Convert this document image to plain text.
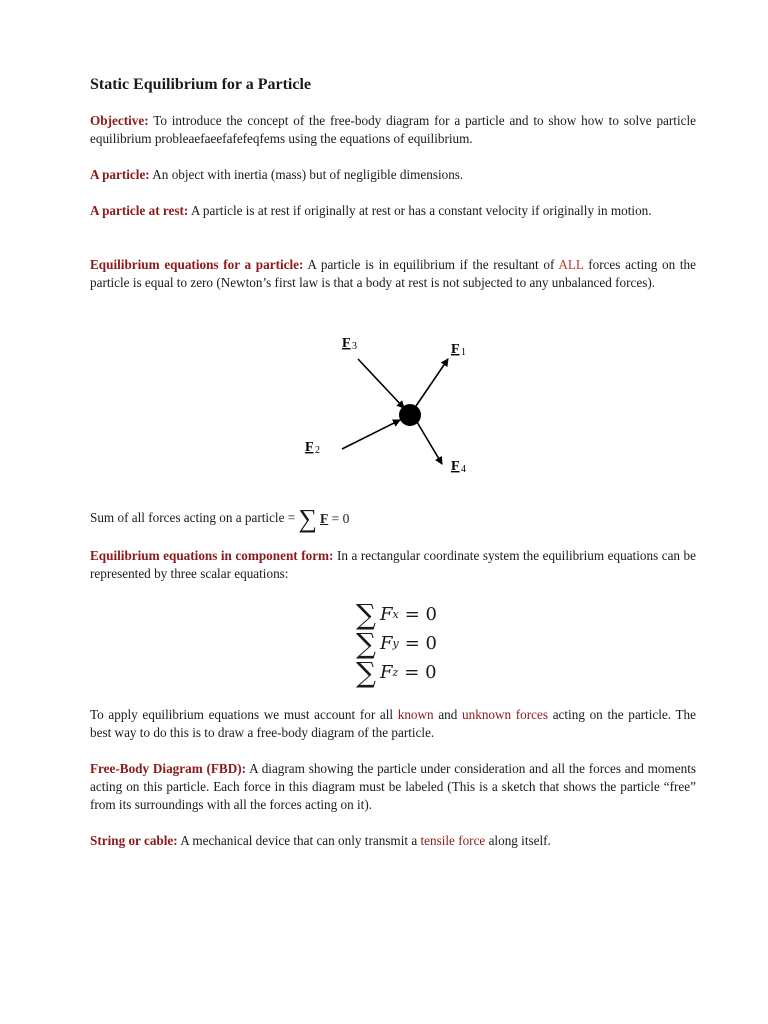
Static Equilibrium for a Particle
Objective: To introduce the concept of the free-body diagram for a particle and to show how to solve particle equilibrium probleaefaeefafefeqfems using the equations of equilibrium.
A particle: An object with inertia (mass) but of negligible dimensions.
A particle at rest: A particle is at rest if originally at rest or has a constant velocity if originally in motion.
Equilibrium equations for a particle: A particle is in equilibrium if the resultant of ALL forces acting on the particle is equal to zero (Newton’s first law is that a body at rest is not subjected to any unbalanced forces).
F 3	F 1
F 2
F 4
Sum of all forces acting on a particle = ∑ F = 0
Equilibrium equations in component form: In a rectangular coordinate system the equilibrium equations can be represented by three scalar equations:
∑ F x = 0
∑ F y = 0
∑ F z = 0
To apply equilibrium equations we must account for all known and unknown forces acting on the particle. The best way to do this is to draw a free-body diagram of the particle.
Free-Body Diagram (FBD): A diagram showing the particle under consideration and all the forces and moments acting on this particle. Each force in this diagram must be labeled (This is a sketch that shows the particle “free” from its surroundings with all the forces acting on it).
String or cable: A mechanical device that can only transmit a tensile force along itself.
